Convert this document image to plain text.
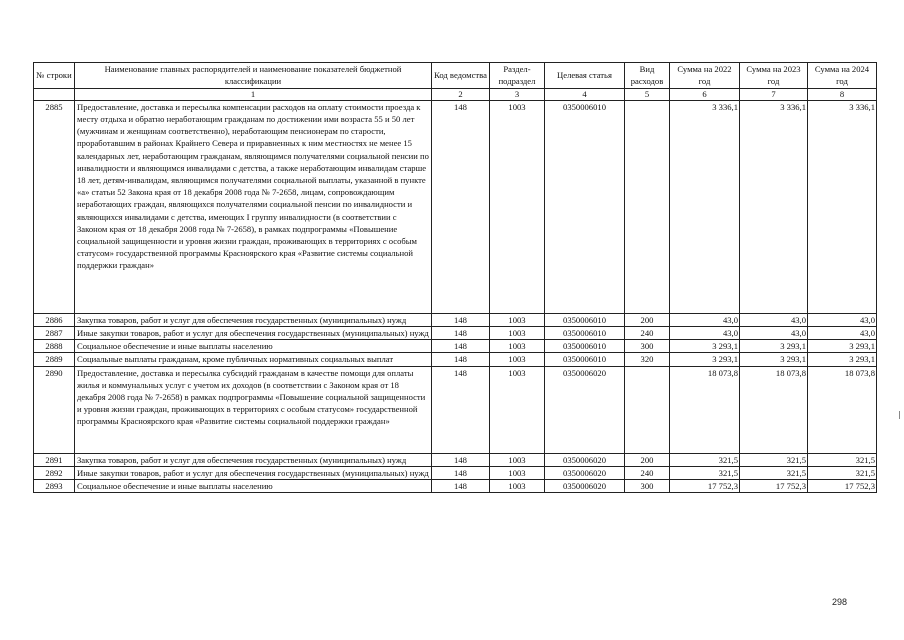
№ строки	Наименование главных распорядителей и наименование показателей бюджетной классификации	Код ведомства	Раздел-подраздел	Целевая статья	Вид расходов	Сумма на 2022 год	Сумма на 2023 год	Сумма на 2024 год
	1	2	3	4	5	6	7	8
2885	Предоставление, доставка и пересылка компенсации расходов на оплату стоимости проезда к месту отдыха и обратно неработающим гражданам по достижении ими возраста 55 и 50 лет (мужчинам и женщинам соответственно), неработающим пенсионерам по старости, проработавшим в районах Крайнего Севера и приравненных к ним местностях не менее 15 календарных лет, неработающим гражданам, являющимся получателями социальной пенсии по инвалидности и являющимся инвалидами с детства, а также неработающим инвалидам старше 18 лет, детям-инвалидам, являющимся получателями социальной выплаты, указанной в пункте «а» статьи 52 Закона края от 18 декабря 2008 года № 7-2658, лицам, сопровождающим неработающих граждан, являющихся получателями социальной пенсии по инвалидности и являющихся инвалидами с детства, имеющих I группу инвалидности (в соответствии с Законом края от 18 декабря 2008 года № 7-2658), в рамках подпрограммы «Повышение социальной защищенности и уровня жизни граждан, проживающих в территориях с особым статусом» государственной программы Красноярского края «Развитие системы социальной поддержки граждан»	148	1003	0350006010		3 336,1	3 336,1	3 336,1
2886	Закупка товаров, работ и услуг для обеспечения государственных (муниципальных) нужд	148	1003	0350006010	200	43,0	43,0	43,0
2887	Иные закупки товаров, работ и услуг для обеспечения государственных (муниципальных) нужд	148	1003	0350006010	240	43,0	43,0	43,0
2888	Социальное обеспечение и иные выплаты населению	148	1003	0350006010	300	3 293,1	3 293,1	3 293,1
2889	Социальные выплаты гражданам, кроме публичных нормативных социальных выплат	148	1003	0350006010	320	3 293,1	3 293,1	3 293,1
2890	Предоставление, доставка и пересылка субсидий гражданам в качестве помощи для оплаты жилья и коммунальных услуг с учетом их доходов (в соответствии с Законом края от 18 декабря 2008 года № 7-2658) в рамках подпрограммы «Повышение социальной защищенности и уровня жизни граждан, проживающих в территориях с особым статусом» государственной программы Красноярского края «Развитие системы социальной поддержки граждан»	148	1003	0350006020		18 073,8	18 073,8	18 073,8
2891	Закупка товаров, работ и услуг для обеспечения государственных (муниципальных) нужд	148	1003	0350006020	200	321,5	321,5	321,5
2892	Иные закупки товаров, работ и услуг для обеспечения государственных (муниципальных) нужд	148	1003	0350006020	240	321,5	321,5	321,5
2893	Социальное обеспечение и иные выплаты населению	148	1003	0350006020	300	17 752,3	17 752,3	17 752,3
298
